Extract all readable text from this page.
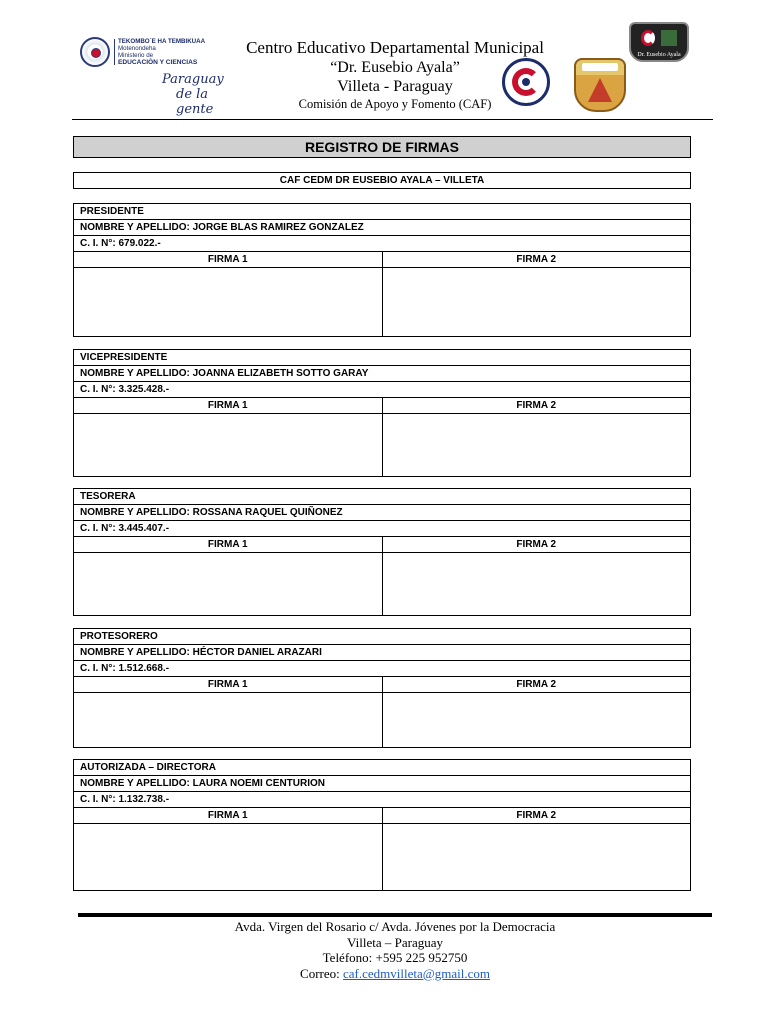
TEKOMBO´E HA TEMBIKUAA
Motenondeha
Ministerio de
EDUCACIÓN Y CIENCIAS
Paraguay
de la gente
Centro Educativo Departamental Municipal
“Dr. Eusebio Ayala”
Villeta - Paraguay
Comisión de Apoyo y Fomento (CAF)
Dr. Eusebio Ayala
REGISTRO DE FIRMAS
CAF CEDM DR EUSEBIO AYALA – VILLETA
PRESIDENTE
NOMBRE Y APELLIDO: JORGE BLAS RAMIREZ GONZALEZ
C. I. N°: 679.022.-
FIRMA 1	FIRMA 2
VICEPRESIDENTE
NOMBRE Y APELLIDO: JOANNA ELIZABETH SOTTO GARAY
C. I. N°: 3.325.428.-
FIRMA 1	FIRMA 2
TESORERA
NOMBRE Y APELLIDO: ROSSANA RAQUEL QUIÑONEZ
C. I. N°: 3.445.407.-
FIRMA 1	FIRMA 2
PROTESORERO
NOMBRE Y APELLIDO: HÉCTOR DANIEL ARAZARI
C. I. N°: 1.512.668.-
FIRMA 1	FIRMA 2
AUTORIZADA – DIRECTORA
NOMBRE Y APELLIDO: LAURA NOEMI CENTURION
C. I. N°: 1.132.738.-
FIRMA 1	FIRMA 2
Avda. Virgen del Rosario c/ Avda. Jóvenes por la Democracia
Villeta – Paraguay
Teléfono: +595 225 952750
Correo: caf.cedmvilleta@gmail.com
